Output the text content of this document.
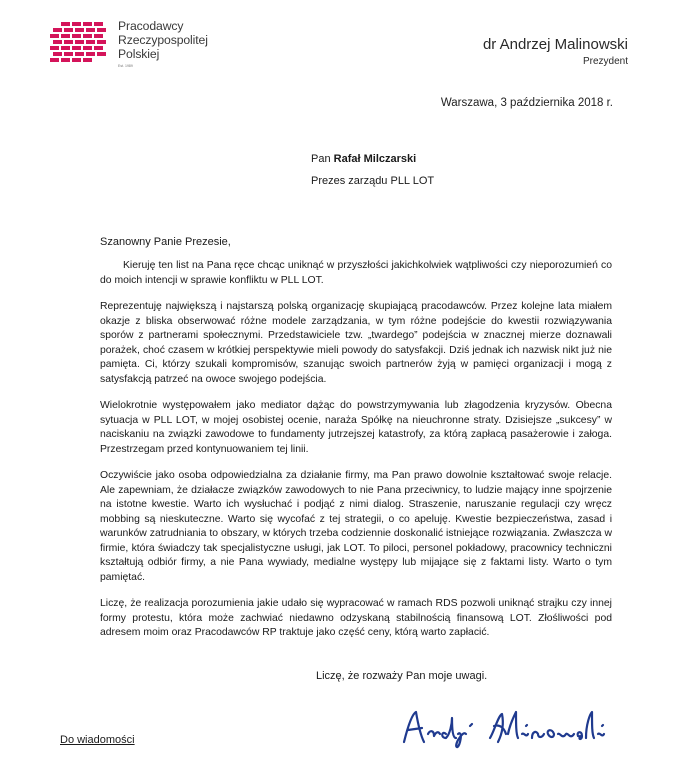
Pracodawcy
Rzeczypospolitej
Polskiej
Est. 1989
dr Andrzej Malinowski
Prezydent
Warszawa, 3 października 2018 r.
Pan Rafał Milczarski
Prezes zarządu PLL LOT
Szanowny Panie Prezesie,

Kieruję ten list na Pana ręce chcąc uniknąć w przyszłości jakichkolwiek wątpliwości czy nieporozumień co do moich intencji w sprawie konfliktu w PLL LOT.

Reprezentuję największą i najstarszą polską organizację skupiającą pracodawców. Przez kolejne lata miałem okazje z bliska obserwować różne modele zarządzania, w tym różne podejście do kwestii rozwiązywania sporów z partnerami społecznymi. Przedstawiciele tzw. „twardego” podejścia w znacznej mierze doznawali porażek, choć czasem w krótkiej perspektywie mieli powody do satysfakcji. Dziś jednak ich nazwisk nikt już nie pamięta. Ci, którzy szukali kompromisów, szanując swoich partnerów żyją w pamięci organizacji i mogą z satysfakcją patrzeć na owoce swojego podejścia.

Wielokrotnie występowałem jako mediator dążąc do powstrzymywania lub złagodzenia kryzysów. Obecna sytuacja w PLL LOT, w mojej osobistej ocenie, naraża Spółkę na nieuchronne straty. Dzisiejsze „sukcesy” w naciskaniu na związki zawodowe to fundamenty jutrzejszej katastrofy, za którą zapłacą pasażerowie i załoga. Przestrzegam przed kontynuowaniem tej linii.

Oczywiście jako osoba odpowiedzialna za działanie firmy, ma Pan prawo dowolnie kształtować swoje relacje. Ale zapewniam, że działacze związków zawodowych to nie Pana przeciwnicy, to ludzie mający inne spojrzenie na istotne kwestie. Warto ich wysłuchać i podjąć z nimi dialog. Straszenie, naruszanie regulacji czy wręcz mobbing są nieskuteczne. Warto się wycofać z tej strategii, o co apeluję. Kwestie bezpieczeństwa, zasad i warunków zatrudniania to obszary, w których trzeba codziennie doskonalić istniejące rozwiązania. Zwłaszcza w firmie, która świadczy tak specjalistyczne usługi, jak LOT. To piloci, personel pokładowy, pracownicy techniczni kształtują odbiór firmy, a nie Pana wywiady, medialne występy lub mijające się z faktami listy. Warto o tym pamiętać.

Liczę, że realizacja porozumienia jakie udało się wypracować w ramach RDS pozwoli uniknąć strajku czy innej formy protestu, która może zachwiać niedawno odzyskaną stabilnością finansową LOT. Złośliwości pod adresem moim oraz Pracodawców RP traktuje jako część ceny, którą warto zapłacić.

Liczę, że rozważy Pan moje uwagi.
Do wiadomości
